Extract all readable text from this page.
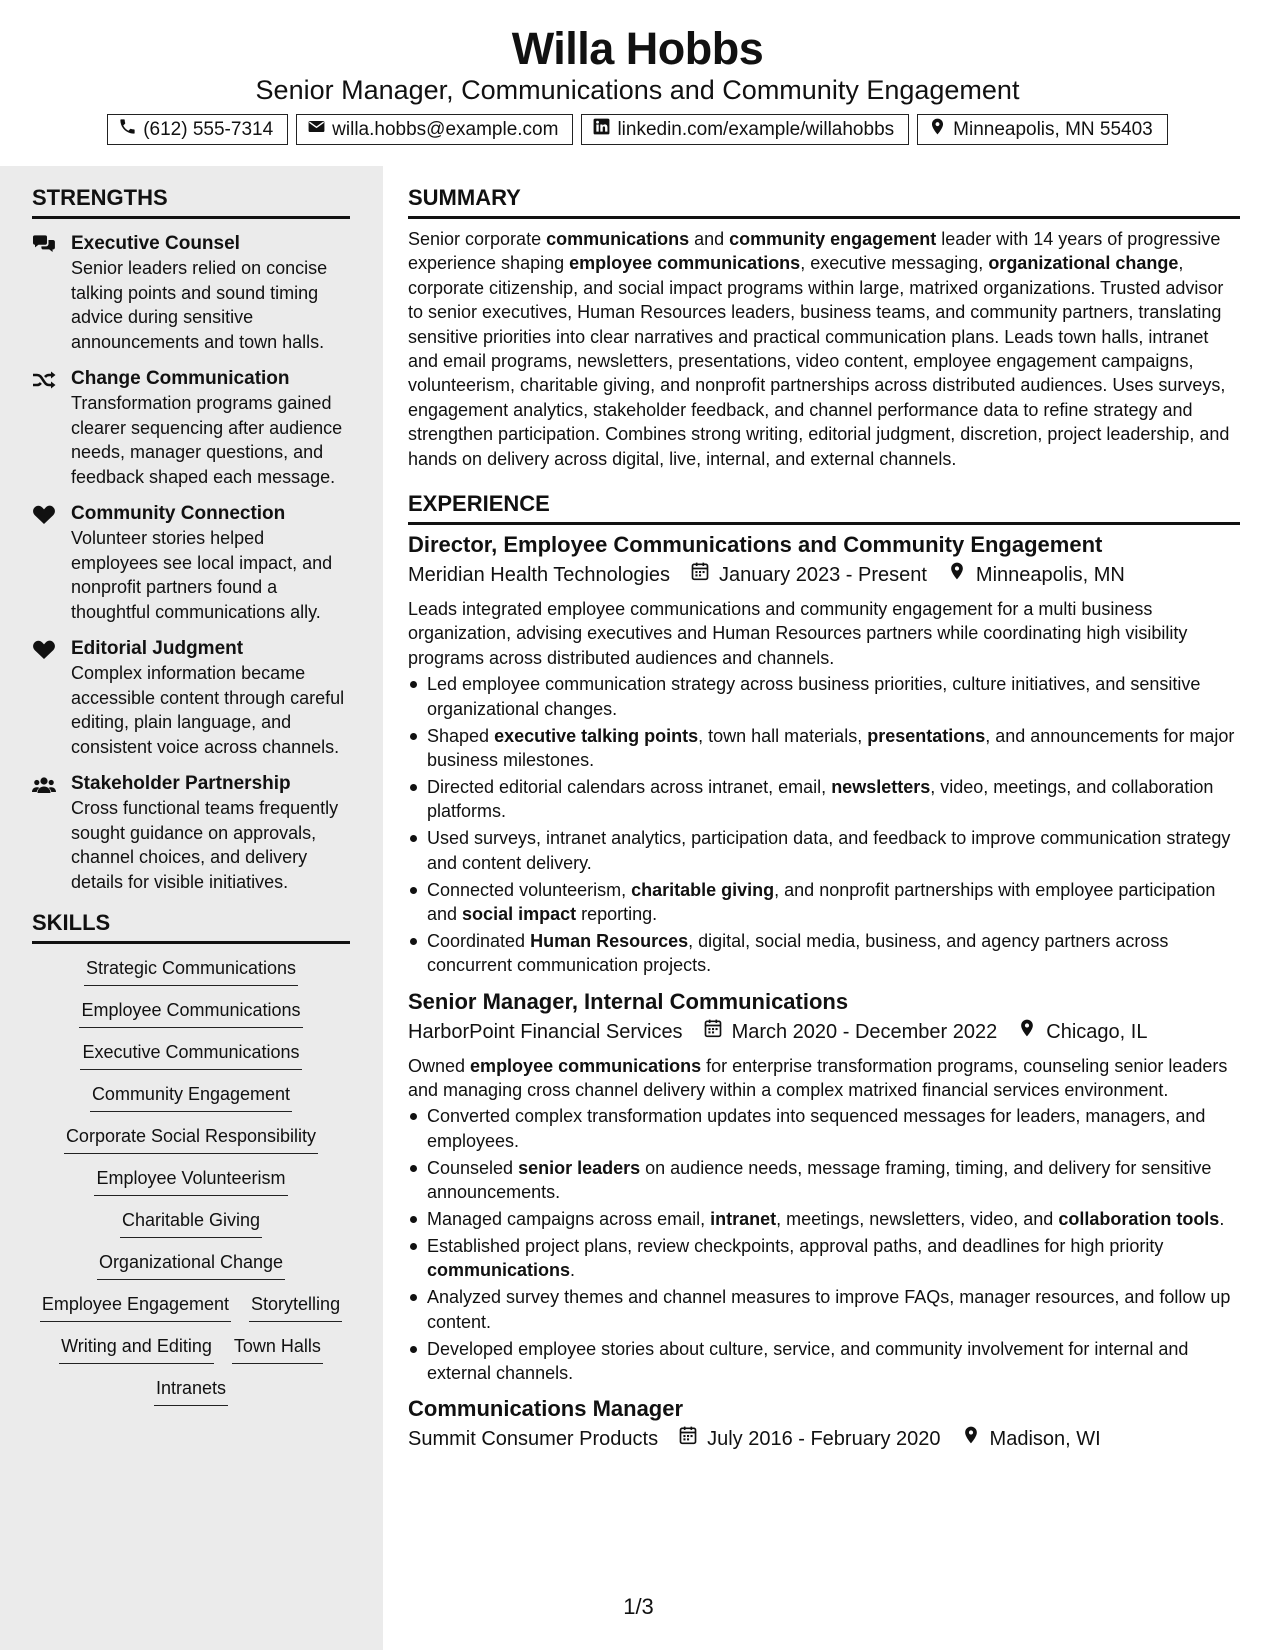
Willa Hobbs
Senior Manager, Communications and Community Engagement
(612) 555-7314	willa.hobbs@example.com	linkedin.com/example/willahobbs	Minneapolis, MN 55403
STRENGTHS
Executive Counsel
Senior leaders relied on concise talking points and sound timing advice during sensitive announcements and town halls.
Change Communication
Transformation programs gained clearer sequencing after audience needs, manager questions, and feedback shaped each message.
Community Connection
Volunteer stories helped employees see local impact, and nonprofit partners found a thoughtful communications ally.
Editorial Judgment
Complex information became accessible content through careful editing, plain language, and consistent voice across channels.
Stakeholder Partnership
Cross functional teams frequently sought guidance on approvals, channel choices, and delivery details for visible initiatives.
SKILLS
Strategic Communications
Employee Communications
Executive Communications
Community Engagement
Corporate Social Responsibility
Employee Volunteerism
Charitable Giving
Organizational Change
Employee Engagement Storytelling
Writing and Editing Town Halls
Intranets
SUMMARY
Senior corporate communications and community engagement leader with 14 years of progressive experience shaping employee communications, executive messaging, organizational change, corporate citizenship, and social impact programs within large, matrixed organizations. Trusted advisor to senior executives, Human Resources leaders, business teams, and community partners, translating sensitive priorities into clear narratives and practical communication plans. Leads town halls, intranet and email programs, newsletters, presentations, video content, employee engagement campaigns, volunteerism, charitable giving, and nonprofit partnerships across distributed audiences. Uses surveys, engagement analytics, stakeholder feedback, and channel performance data to refine strategy and strengthen participation. Combines strong writing, editorial judgment, discretion, project leadership, and hands on delivery across digital, live, internal, and external channels.
EXPERIENCE
Director, Employee Communications and Community Engagement
Meridian Health Technologies January 2023 - Present Minneapolis, MN
Leads integrated employee communications and community engagement for a multi business organization, advising executives and Human Resources partners while coordinating high visibility programs across distributed audiences and channels.
Led employee communication strategy across business priorities, culture initiatives, and sensitive organizational changes.
Shaped executive talking points, town hall materials, presentations, and announcements for major business milestones.
Directed editorial calendars across intranet, email, newsletters, video, meetings, and collaboration platforms.
Used surveys, intranet analytics, participation data, and feedback to improve communication strategy and content delivery.
Connected volunteerism, charitable giving, and nonprofit partnerships with employee participation and social impact reporting.
Coordinated Human Resources, digital, social media, business, and agency partners across concurrent communication projects.
Senior Manager, Internal Communications
HarborPoint Financial Services March 2020 - December 2022 Chicago, IL
Owned employee communications for enterprise transformation programs, counseling senior leaders and managing cross channel delivery within a complex matrixed financial services environment.
Converted complex transformation updates into sequenced messages for leaders, managers, and employees.
Counseled senior leaders on audience needs, message framing, timing, and delivery for sensitive announcements.
Managed campaigns across email, intranet, meetings, newsletters, video, and collaboration tools.
Established project plans, review checkpoints, approval paths, and deadlines for high priority communications.
Analyzed survey themes and channel measures to improve FAQs, manager resources, and follow up content.
Developed employee stories about culture, service, and community involvement for internal and external channels.
Communications Manager
Summit Consumer Products July 2016 - February 2020 Madison, WI
1/3
